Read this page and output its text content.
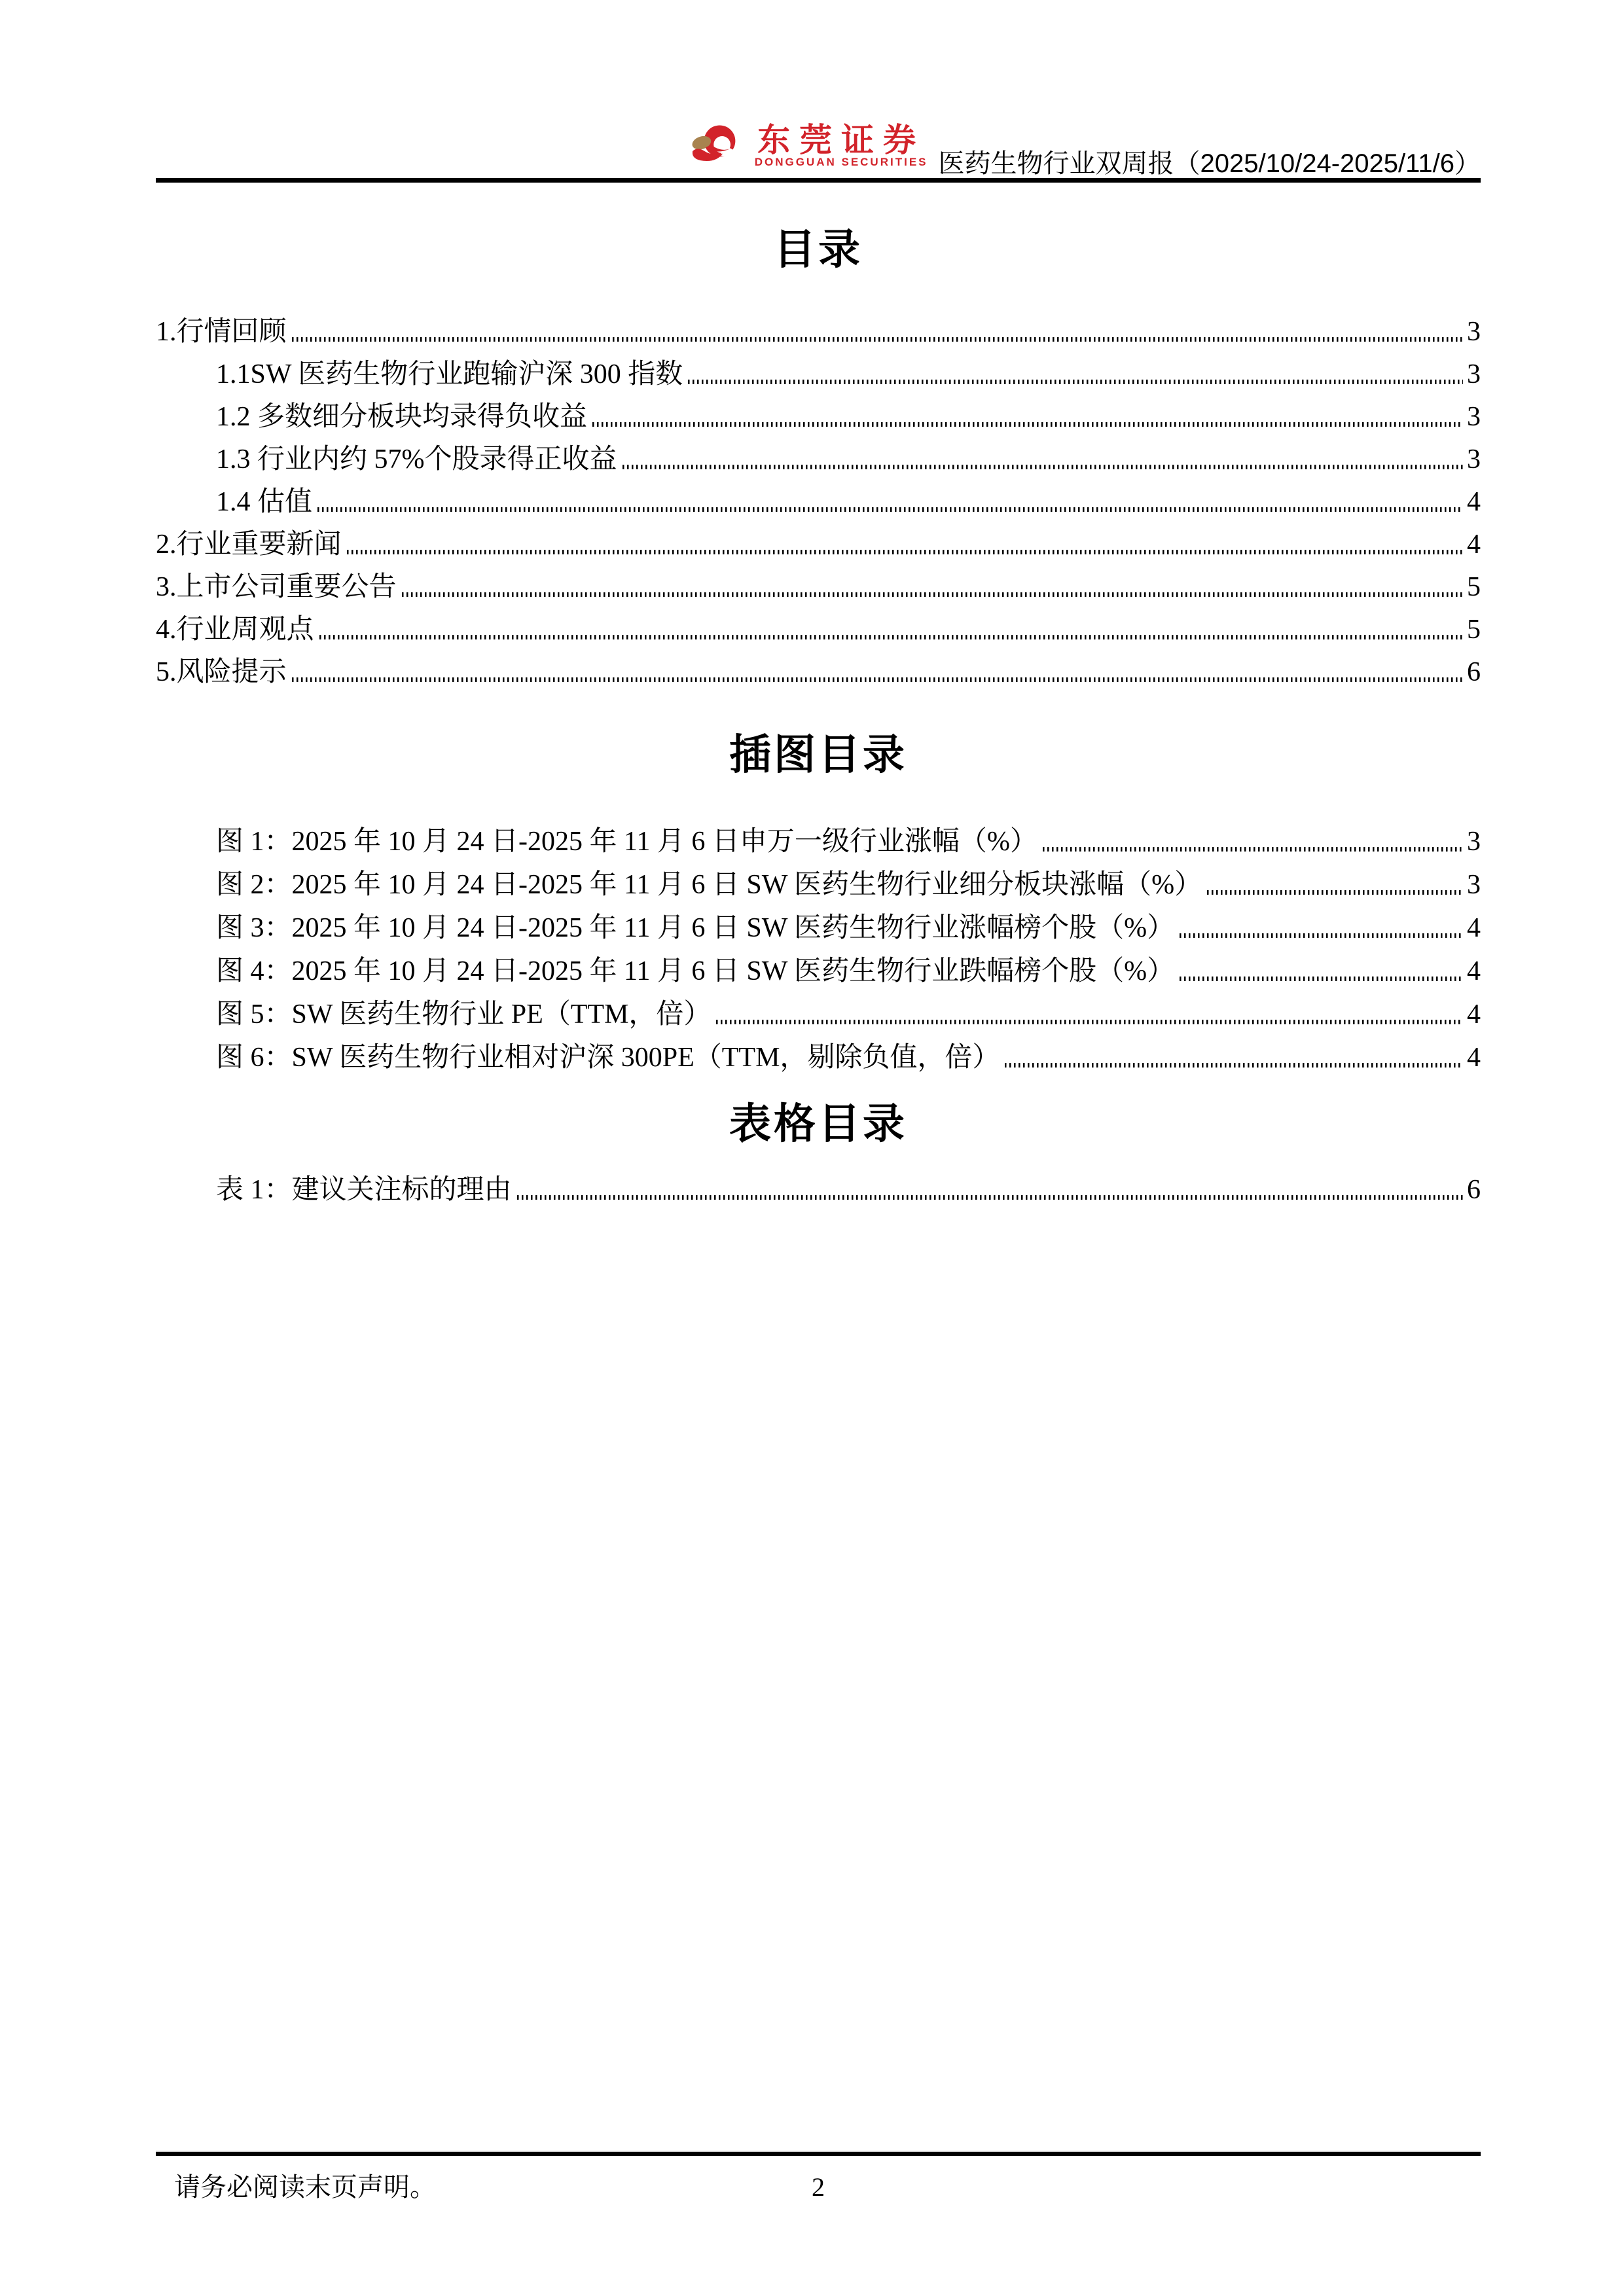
东莞证券
DONGGUAN SECURITIES 医药生物行业双周报（2025/10/24-2025/11/6）
目录
1.行情回顾	3
1.1SW 医药生物行业跑输沪深 300 指数	3
1.2 多数细分板块均录得负收益	3
1.3 行业内约 57%个股录得正收益	3
1.4 估值	4
2.行业重要新闻	4
3.上市公司重要公告	5
4.行业周观点	5
5.风险提示	6
插图目录
图 1：2025 年 10 月 24 日-2025 年 11 月 6 日申万一级行业涨幅（%）	3
图 2：2025 年 10 月 24 日-2025 年 11 月 6 日 SW 医药生物行业细分板块涨幅（%）	3
图 3：2025 年 10 月 24 日-2025 年 11 月 6 日 SW 医药生物行业涨幅榜个股（%）	4
图 4：2025 年 10 月 24 日-2025 年 11 月 6 日 SW 医药生物行业跌幅榜个股（%）	4
图 5：SW 医药生物行业 PE（TTM，倍）	4
图 6：SW 医药生物行业相对沪深 300PE（TTM，剔除负值，倍）	4
表格目录
表 1：建议关注标的理由	6
请务必阅读末页声明。	2
